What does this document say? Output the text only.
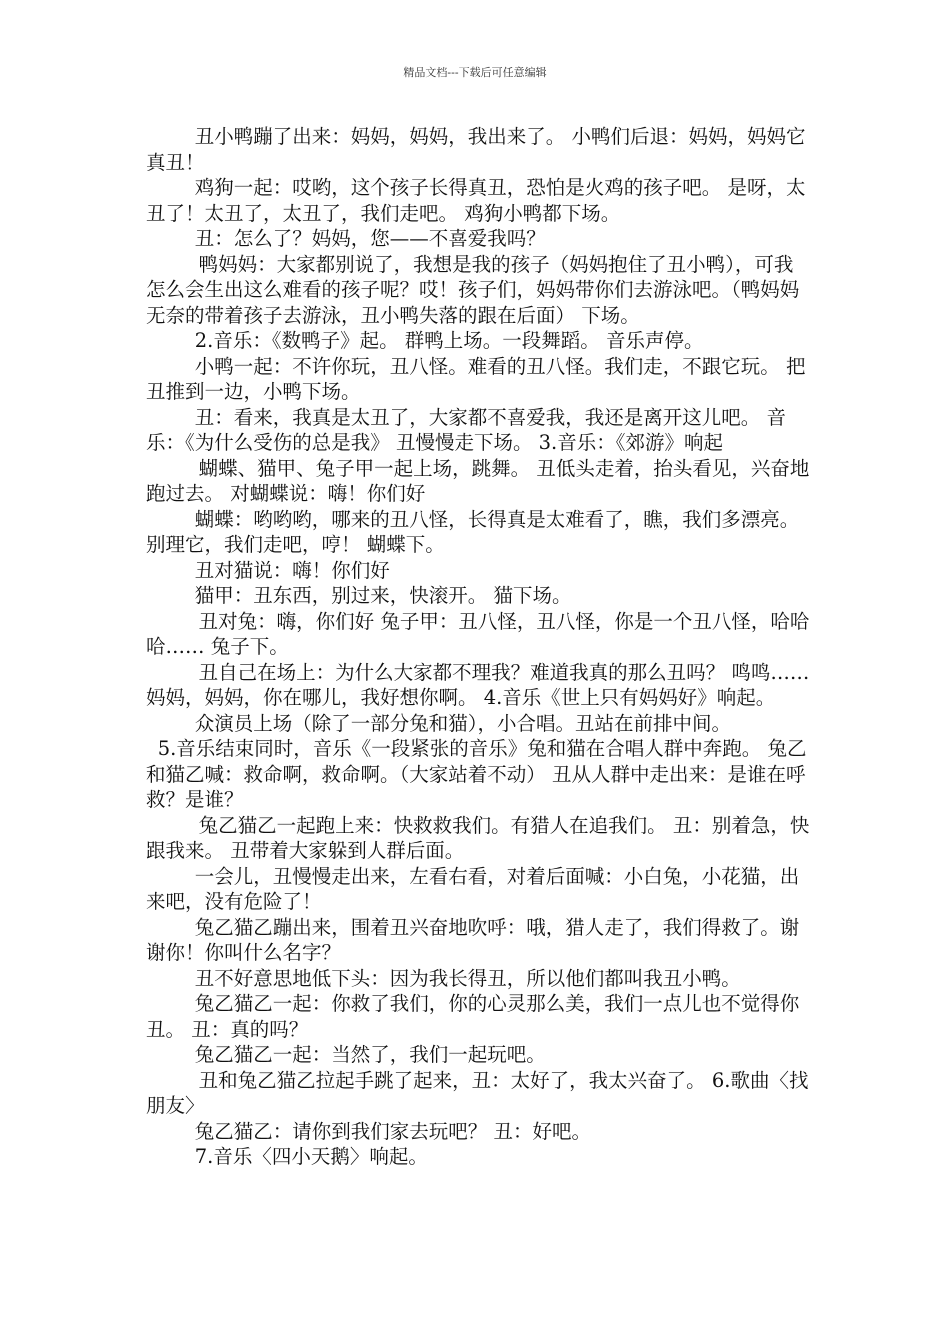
精品文档---下载后可任意编辑

丑小鸭蹦了出来：妈妈，妈妈，我出来了。 小鸭们后退：妈妈，妈妈它真丑！

鸡狗一起：哎哟，这个孩子长得真丑，恐怕是火鸡的孩子吧。 是呀，太丑了！太丑了，太丑了，我们走吧。 鸡狗小鸭都下场。

丑：怎么了？妈妈，您——不喜爱我吗？

鸭妈妈：大家都别说了，我想是我的孩子（妈妈抱住了丑小鸭），可我怎么会生出这么难看的孩子呢？哎！孩子们，妈妈带你们去游泳吧。（鸭妈妈无奈的带着孩子去游泳，丑小鸭失落的跟在后面） 下场。

2.音乐：《数鸭子》起。 群鸭上场。一段舞蹈。 音乐声停。

小鸭一起：不许你玩，丑八怪。难看的丑八怪。我们走，不跟它玩。 把丑推到一边，小鸭下场。

丑：看来，我真是太丑了，大家都不喜爱我，我还是离开这儿吧。 音乐：《为什么受伤的总是我》 丑慢慢走下场。 3.音乐：《郊游》响起

蝴蝶、猫甲、兔子甲一起上场，跳舞。 丑低头走着，抬头看见，兴奋地跑过去。 对蝴蝶说：嗨！你们好

蝴蝶：哟哟哟，哪来的丑八怪，长得真是太难看了，瞧，我们多漂亮。别理它，我们走吧，哼！ 蝴蝶下。

丑对猫说：嗨！你们好

猫甲：丑东西，别过来，快滚开。 猫下场。

丑对兔：嗨，你们好 兔子甲：丑八怪，丑八怪，你是一个丑八怪，哈哈哈…… 兔子下。

丑自己在场上：为什么大家都不理我？难道我真的那么丑吗？ 鸣鸣……妈妈，妈妈，你在哪儿，我好想你啊。 4.音乐《世上只有妈妈好》响起。

众演员上场（除了一部分兔和猫），小合唱。丑站在前排中间。

5.音乐结束同时，音乐《一段紧张的音乐》兔和猫在合唱人群中奔跑。 兔乙和猫乙喊：救命啊，救命啊。（大家站着不动） 丑从人群中走出来：是谁在呼救？是谁？

兔乙猫乙一起跑上来：快救救我们。有猎人在追我们。 丑：别着急，快跟我来。 丑带着大家躲到人群后面。

一会儿，丑慢慢走出来，左看右看，对着后面喊：小白兔，小花猫，出来吧，没有危险了！

兔乙猫乙蹦出来，围着丑兴奋地吹呼：哦，猎人走了，我们得救了。谢谢你！你叫什么名字？

丑不好意思地低下头：因为我长得丑，所以他们都叫我丑小鸭。

兔乙猫乙一起：你救了我们，你的心灵那么美，我们一点儿也不觉得你丑。 丑：真的吗？

兔乙猫乙一起：当然了，我们一起玩吧。

丑和兔乙猫乙拉起手跳了起来，丑：太好了，我太兴奋了。 6.歌曲〈找朋友〉

兔乙猫乙：请你到我们家去玩吧？ 丑：好吧。

7.音乐〈四小天鹅〉响起。
